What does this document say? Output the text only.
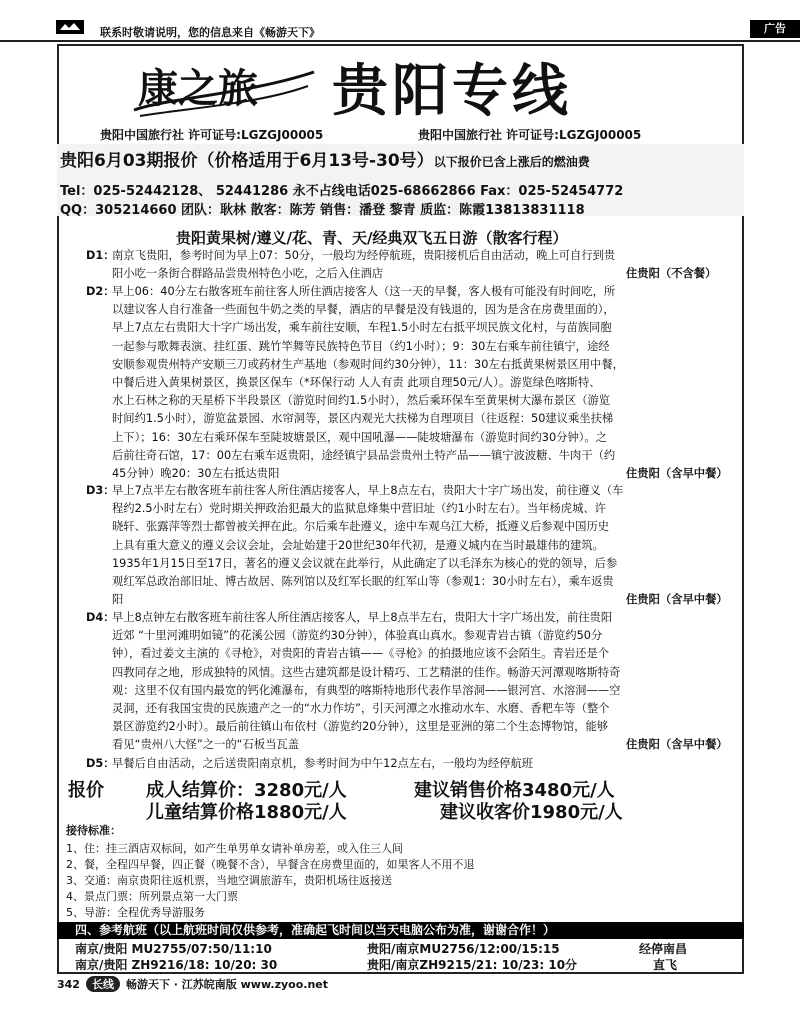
联系时敬请说明，您的信息来自《畅游天下》	广告
康之旅 贵阳专线
贵阳中国旅行社 许可证号:LGZGJ00005	贵阳中国旅行社 许可证号:LGZGJ00005
贵阳6月03期报价（价格适用于6月13号-30号）以下报价已含上涨后的燃油费
Tel：025-52442128、 52441286 永不占线电话025-68662866 Fax：025-52454772
QQ：305214660 团队：耿林 散客：陈芳 销售：潘登 黎青 质监：陈霞13813831118
贵阳黄果树/遵义/花、青、天/经典双飞五日游（散客行程）
D1：

南京飞贵阳，参考时间为早上07：50分，一般均为经停航班，贵阳接机后自由活动，晚上可自行到贵

阳小吃一条街合群路品尝贵州特色小吃，之后入住酒店	住贵阳（不含餐）
D2：

早上06：40分左右散客班车前往客人所住酒店接客人（这一天的早餐，客人极有可能没有时间吃，所

以建议客人自行准备一些面包牛奶之类的早餐，酒店的早餐是没有钱退的，因为是含在房费里面的），

早上7点左右贵阳大十字广场出发，乘车前往安顺，车程1.5小时左右抵平坝民族文化村，与苗族同胞

一起参与歌舞表演、挂红蛋、跳竹竿舞等民族特色节目（约1小时）；9：30左右乘车前往镇宁，途经

安顺参观贵州特产安顺三刀或药材生产基地（参观时间约30分钟），11：30左右抵黄果树景区用中餐，

中餐后进入黄果树景区，换景区保车（*环保行动 人人有责 此项自理50元/人）。游览绿色喀斯特、

水上石林之称的天星桥下半段景区（游览时间约1.5小时），然后乘环保车至黄果树大瀑布景区（游览

时间约1.5小时），游览盆景园、水帘洞等，景区内观光大扶梯为自理项目（往返程：50建议乘坐扶梯

上下）；16：30左右乘环保车至陡坡塘景区，观中国吼瀑——陡坡塘瀑布（游览时间约30分钟）。之

后前往奇石馆，17：00左右乘车返贵阳，途经镇宁县品尝贵州土特产品——镇宁波波糖、牛肉干（约

45分钟）晚20：30左右抵达贵阳	住贵阳（含早中餐）
D3：

早上7点半左右散客班车前往客人所住酒店接客人，早上8点左右，贵阳大十字广场出发，前往遵义（车

程约2.5小时左右）党时期关押政治犯最大的监狱息烽集中营旧址（约1小时左右）。当年杨虎城、许

晓轩、张露萍等烈士都曾被关押在此。尔后乘车赴遵义，途中车观乌江大桥，抵遵义后参观中国历史

上具有重大意义的遵义会议会址，会址始建于20世纪30年代初，是遵义城内在当时最雄伟的建筑。

1935年1月15日至17日，著名的遵义会议就在此举行，从此确定了以毛泽东为核心的党的领导，后参

观红军总政治部旧址、博古故居、陈列馆以及红军长眠的红军山等（参观1：30小时左右），乘车返贵

阳	住贵阳（含早中餐）
D4：

早上8点钟左右散客班车前往客人所住酒店接客人，早上8点半左右，贵阳大十字广场出发，前往贵阳

近郊 “十里河滩明如镜”的花溪公园（游览约30分钟），体验真山真水。参观青岩古镇（游览约50分

钟），看过姜文主演的《寻枪》，对贵阳的青岩古镇——《寻枪》的拍摄地应该不会陌生。青岩还是个

四教同存之地，形成独特的风情。这些古建筑都是设计精巧、工艺精湛的佳作。畅游天河潭观喀斯特奇

观：这里不仅有国内最宽的钙化滩瀑布，有典型的喀斯特地形代表作旱溶洞——银河宫、水溶洞——空

灵洞，还有我国宝贵的民族遗产之一的“水力作坊”，引天河潭之水推动水车、水磨、香粑车等（整个

景区游览约2小时）。最后前往镇山布依村（游览约20分钟），这里是亚洲的第二个生态博物馆，能够

看见“贵州八大怪”之一的“石板当瓦盖	住贵阳（含早中餐）
D5：

早餐后自由活动，之后送贵阳南京机，参考时间为中午12点左右，一般均为经停航班

报价 成人结算价：3280元/人	建议销售价格3480元/人
儿童结算价格1880元/人	建议收客价1980元/人
接待标准：
1、住：挂三酒店双标间，如产生单男单女请补单房差，或入住三人间
2、餐，全程四早餐，四正餐（晚餐不含），早餐含在房费里面的，如果客人不用不退
3、交通：南京贵阳往返机票，当地空调旅游车，贵阳机场往返接送
4、景点门票：所列景点第一大门票
5、导游：全程优秀导游服务
四、参考航班（以上航班时间仅供参考，准确起飞时间以当天电脑公布为准，谢谢合作！）
南京/贵阳 MU2755/07:50/11:10	贵阳/南京MU2756/12:00/15:15	经停南昌
南京/贵阳 ZH9216/18: 10/20: 30	贵阳/南京ZH9215/21: 10/23: 10分	直飞
342 长线 畅游天下 · 江苏皖南版 www.zyoo.net
